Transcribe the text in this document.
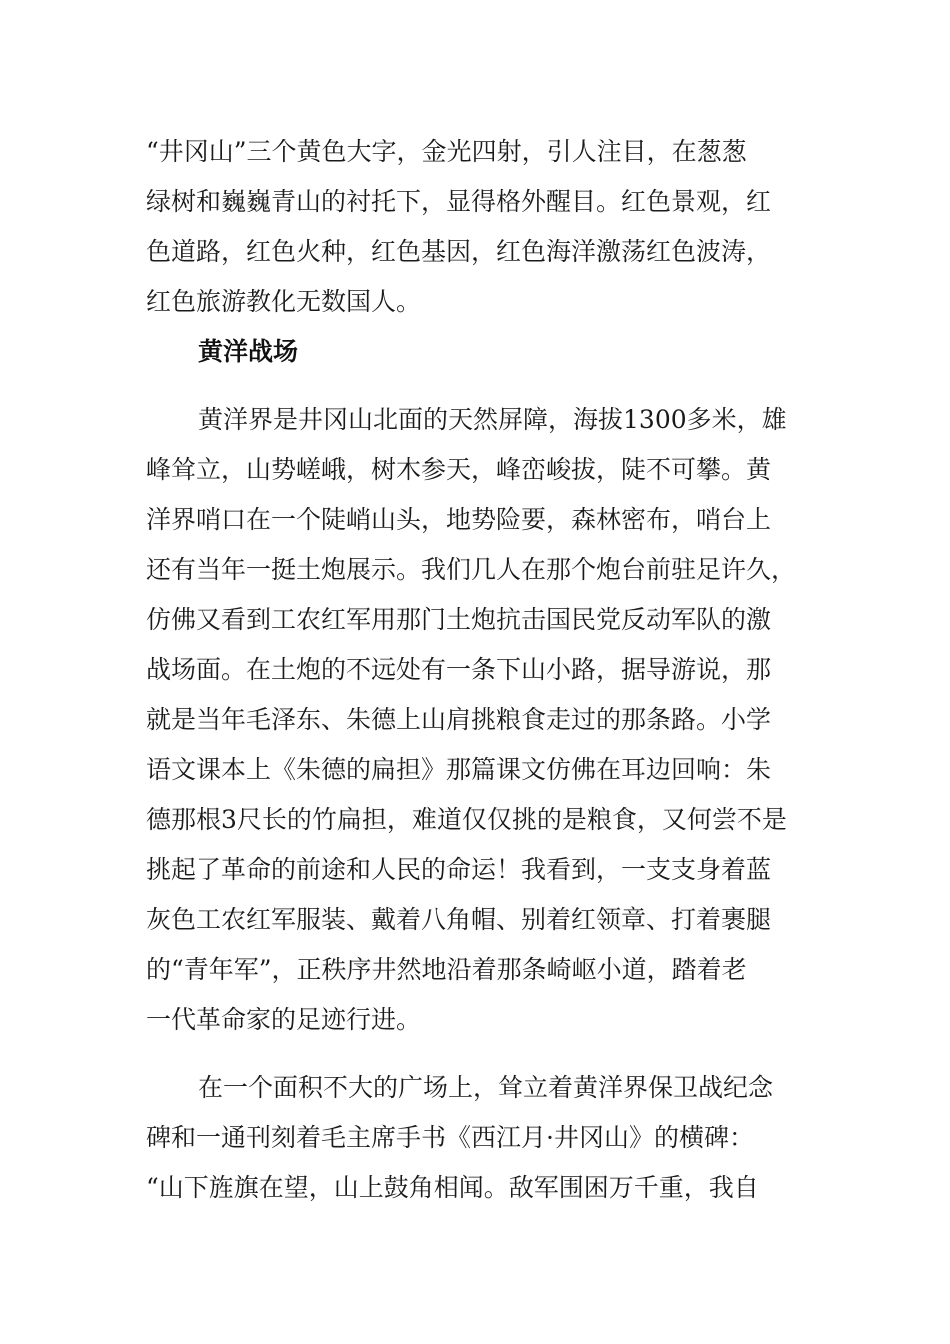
“井冈山”三个黄色大字，金光四射，引人注目，在葱葱

绿树和巍巍青山的衬托下，显得格外醒目。红色景观，红

色道路，红色火种，红色基因，红色海洋激荡红色波涛，

红色旅游教化无数国人。

黄洋战场

黄洋界是井冈山北面的天然屏障，海拔1300多米，雄

峰耸立，山势嵯峨，树木参天，峰峦峻拔，陡不可攀。黄

洋界哨口在一个陡峭山头，地势险要，森林密布，哨台上

还有当年一挺土炮展示。我们几人在那个炮台前驻足许久，

仿佛又看到工农红军用那门土炮抗击国民党反动军队的激

战场面。在土炮的不远处有一条下山小路，据导游说，那

就是当年毛泽东、朱德上山肩挑粮食走过的那条路。小学

语文课本上《朱德的扁担》那篇课文仿佛在耳边回响：朱

德那根3尺长的竹扁担，难道仅仅挑的是粮食，又何尝不是

挑起了革命的前途和人民的命运！我看到，一支支身着蓝

灰色工农红军服装、戴着八角帽、别着红领章、打着裹腿

的“青年军”，正秩序井然地沿着那条崎岖小道，踏着老

一代革命家的足迹行进。

在一个面积不大的广场上，耸立着黄洋界保卫战纪念

碑和一通刊刻着毛主席手书《西江月·井冈山》的横碑：

“山下旌旗在望，山上鼓角相闻。敌军围困万千重，我自
